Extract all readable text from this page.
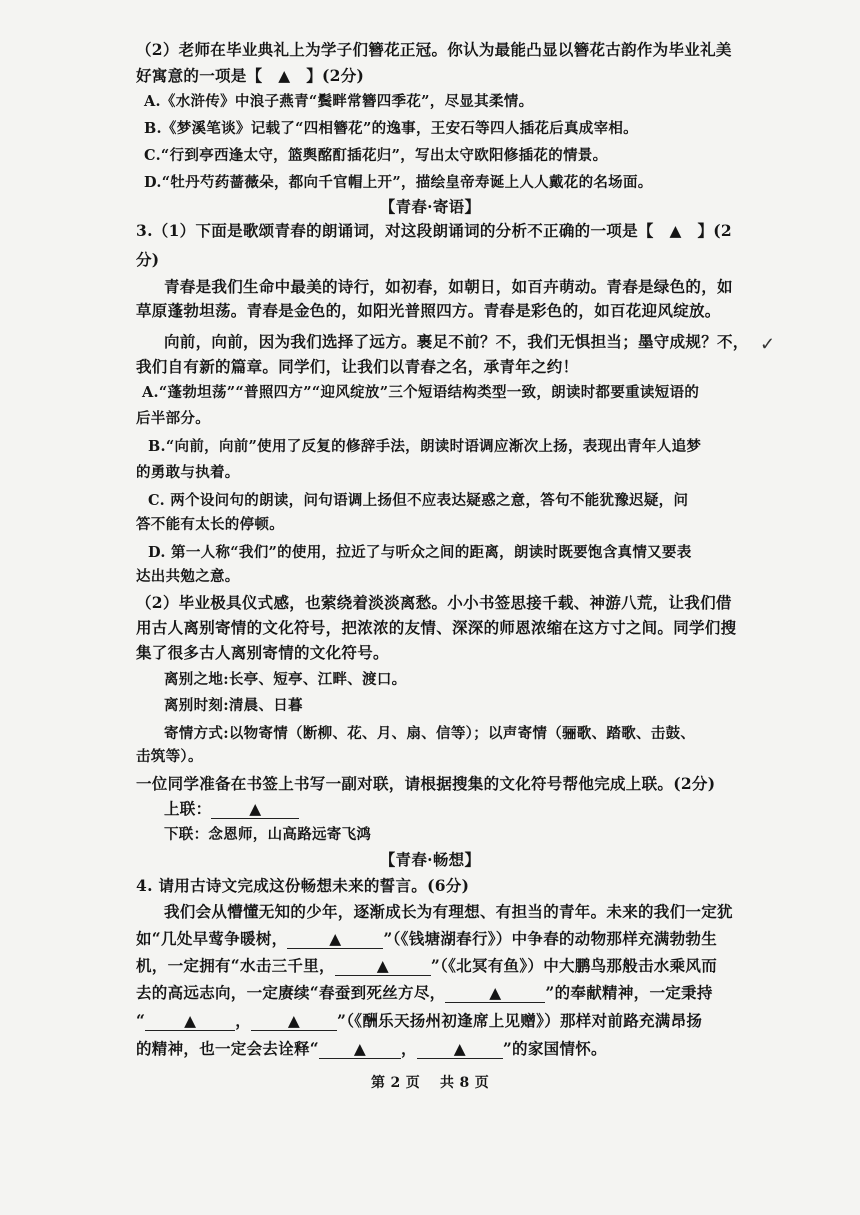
（2）老师在毕业典礼上为学子们簪花正冠。你认为最能凸显以簪花古韵作为毕业礼美
好寓意的一项是【　▲　】(2分)
A.《水浒传》中浪子燕青“鬓畔常簪四季花”，尽显其柔情。
B.《梦溪笔谈》记载了“四相簪花”的逸事，王安石等四人插花后真成宰相。
C.“行到亭西逢太守，篮舆酩酊插花归”，写出太守欧阳修插花的情景。
D.“牡丹芍药蔷薇朵，都向千官帽上开”，描绘皇帝寿诞上人人戴花的名场面。
【青春·寄语】
3.（1）下面是歌颂青春的朗诵词，对这段朗诵词的分析不正确的一项是【　▲　】(2
分)
青春是我们生命中最美的诗行，如初春，如朝日，如百卉萌动。青春是绿色的，如
草原蓬勃坦荡。青春是金色的，如阳光普照四方。青春是彩色的，如百花迎风绽放。
向前，向前，因为我们选择了远方。裹足不前？不，我们无惧担当；墨守成规？不，
我们自有新的篇章。同学们，让我们以青春之名，承青年之约！
✓
A.“蓬勃坦荡”“普照四方”“迎风绽放”三个短语结构类型一致，朗读时都要重读短语的
后半部分。
B.“向前，向前”使用了反复的修辞手法，朗读时语调应渐次上扬，表现出青年人追梦
的勇敢与执着。
C. 两个设问句的朗读，问句语调上扬但不应表达疑惑之意，答句不能犹豫迟疑，问
答不能有太长的停顿。
D. 第一人称“我们”的使用，拉近了与听众之间的距离，朗读时既要饱含真情又要表
达出共勉之意。
（2）毕业极具仪式感，也萦绕着淡淡离愁。小小书签思接千载、神游八荒，让我们借
用古人离别寄情的文化符号，把浓浓的友情、深深的师恩浓缩在这方寸之间。同学们搜
集了很多古人离别寄情的文化符号。
离别之地:长亭、短亭、江畔、渡口。
离别时刻:清晨、日暮
寄情方式:以物寄情（断柳、花、月、扇、信等）；以声寄情（骊歌、踏歌、击鼓、
击筑等）。
一位同学准备在书签上书写一副对联，请根据搜集的文化符号帮他完成上联。(2分)
上联： ▲
下联：念恩师，山高路远寄飞鸿
【青春·畅想】
4. 请用古诗文完成这份畅想未来的誓言。(6分)
我们会从懵懂无知的少年，逐渐成长为有理想、有担当的青年。未来的我们一定犹
如“几处早莺争暖树，	▲	”（《钱塘湖春行》）中争春的动物那样充满勃勃生
机，一定拥有“水击三千里，	▲	”（《北冥有鱼》）中大鹏鸟那般击水乘风而
去的高远志向，一定赓续“春蚕到死丝方尽，	▲	”的奉献精神，一定秉持
“	▲	， ▲ ”（《酬乐天扬州初逢席上见赠》）那样对前路充满昂扬
的精神，也一定会去诠释“ ▲ ， ▲ ”的家国情怀。
第 2 页 共 8 页
